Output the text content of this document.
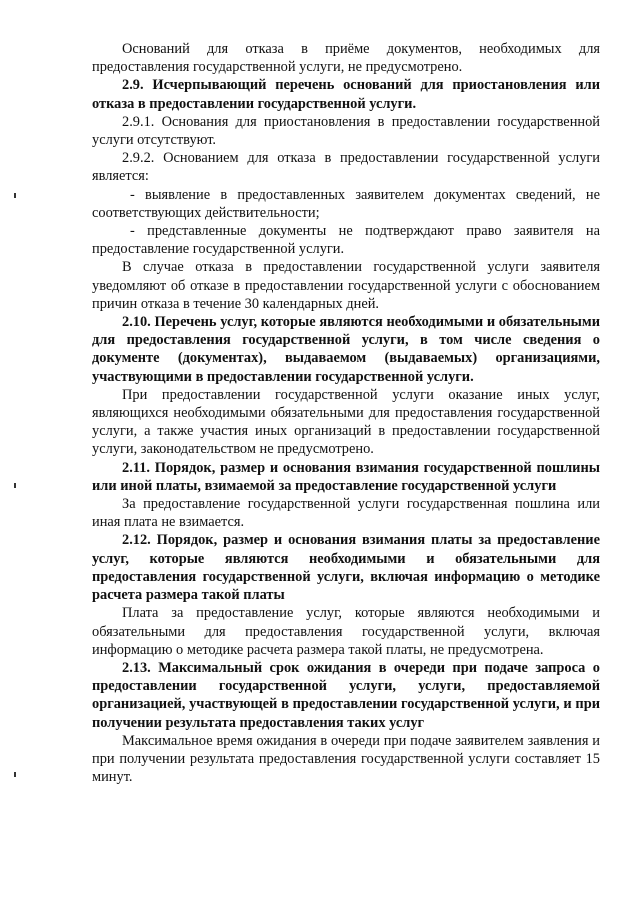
Оснований для отказа в приёме документов, необходимых для предоставления государственной услуги, не предусмотрено.

2.9. Исчерпывающий перечень оснований для приостановления или отказа в предоставлении государственной услуги.

2.9.1. Основания для приостановления в предоставлении государственной услуги отсутствуют.

2.9.2. Основанием для отказа в предоставлении государственной услуги является:

- выявление в предоставленных заявителем документах сведений, не соответствующих действительности;

- представленные документы не подтверждают право заявителя на предоставление государственной услуги.

В случае отказа в предоставлении государственной услуги заявителя уведомляют об отказе в предоставлении государственной услуги с обоснованием причин отказа в течение 30 календарных дней.

2.10. Перечень услуг, которые являются необходимыми и обязательными для предоставления государственной услуги, в том числе сведения о документе (документах), выдаваемом (выдаваемых) организациями, участвующими в предоставлении государственной услуги.

При предоставлении государственной услуги оказание иных услуг, являющихся необходимыми обязательными для предоставления государственной услуги, а также участия иных организаций в предоставлении государственной услуги, законодательством не предусмотрено.

2.11. Порядок, размер и основания взимания государственной пошлины или иной платы, взимаемой за предоставление государственной услуги

За предоставление государственной услуги государственная пошлина или иная плата не взимается.

2.12. Порядок, размер и основания взимания платы за предоставление услуг, которые являются необходимыми и обязательными для предоставления государственной услуги, включая информацию о методике расчета размера такой платы

Плата за предоставление услуг, которые являются необходимыми и обязательными для предоставления государственной услуги, включая информацию о методике расчета размера такой платы, не предусмотрена.

2.13. Максимальный срок ожидания в очереди при подаче запроса о предоставлении государственной услуги, услуги, предоставляемой организацией, участвующей в предоставлении государственной услуги, и при получении результата предоставления таких услуг

Максимальное время ожидания в очереди при подаче заявителем заявления и при получении результата предоставления государственной услуги составляет 15 минут.
